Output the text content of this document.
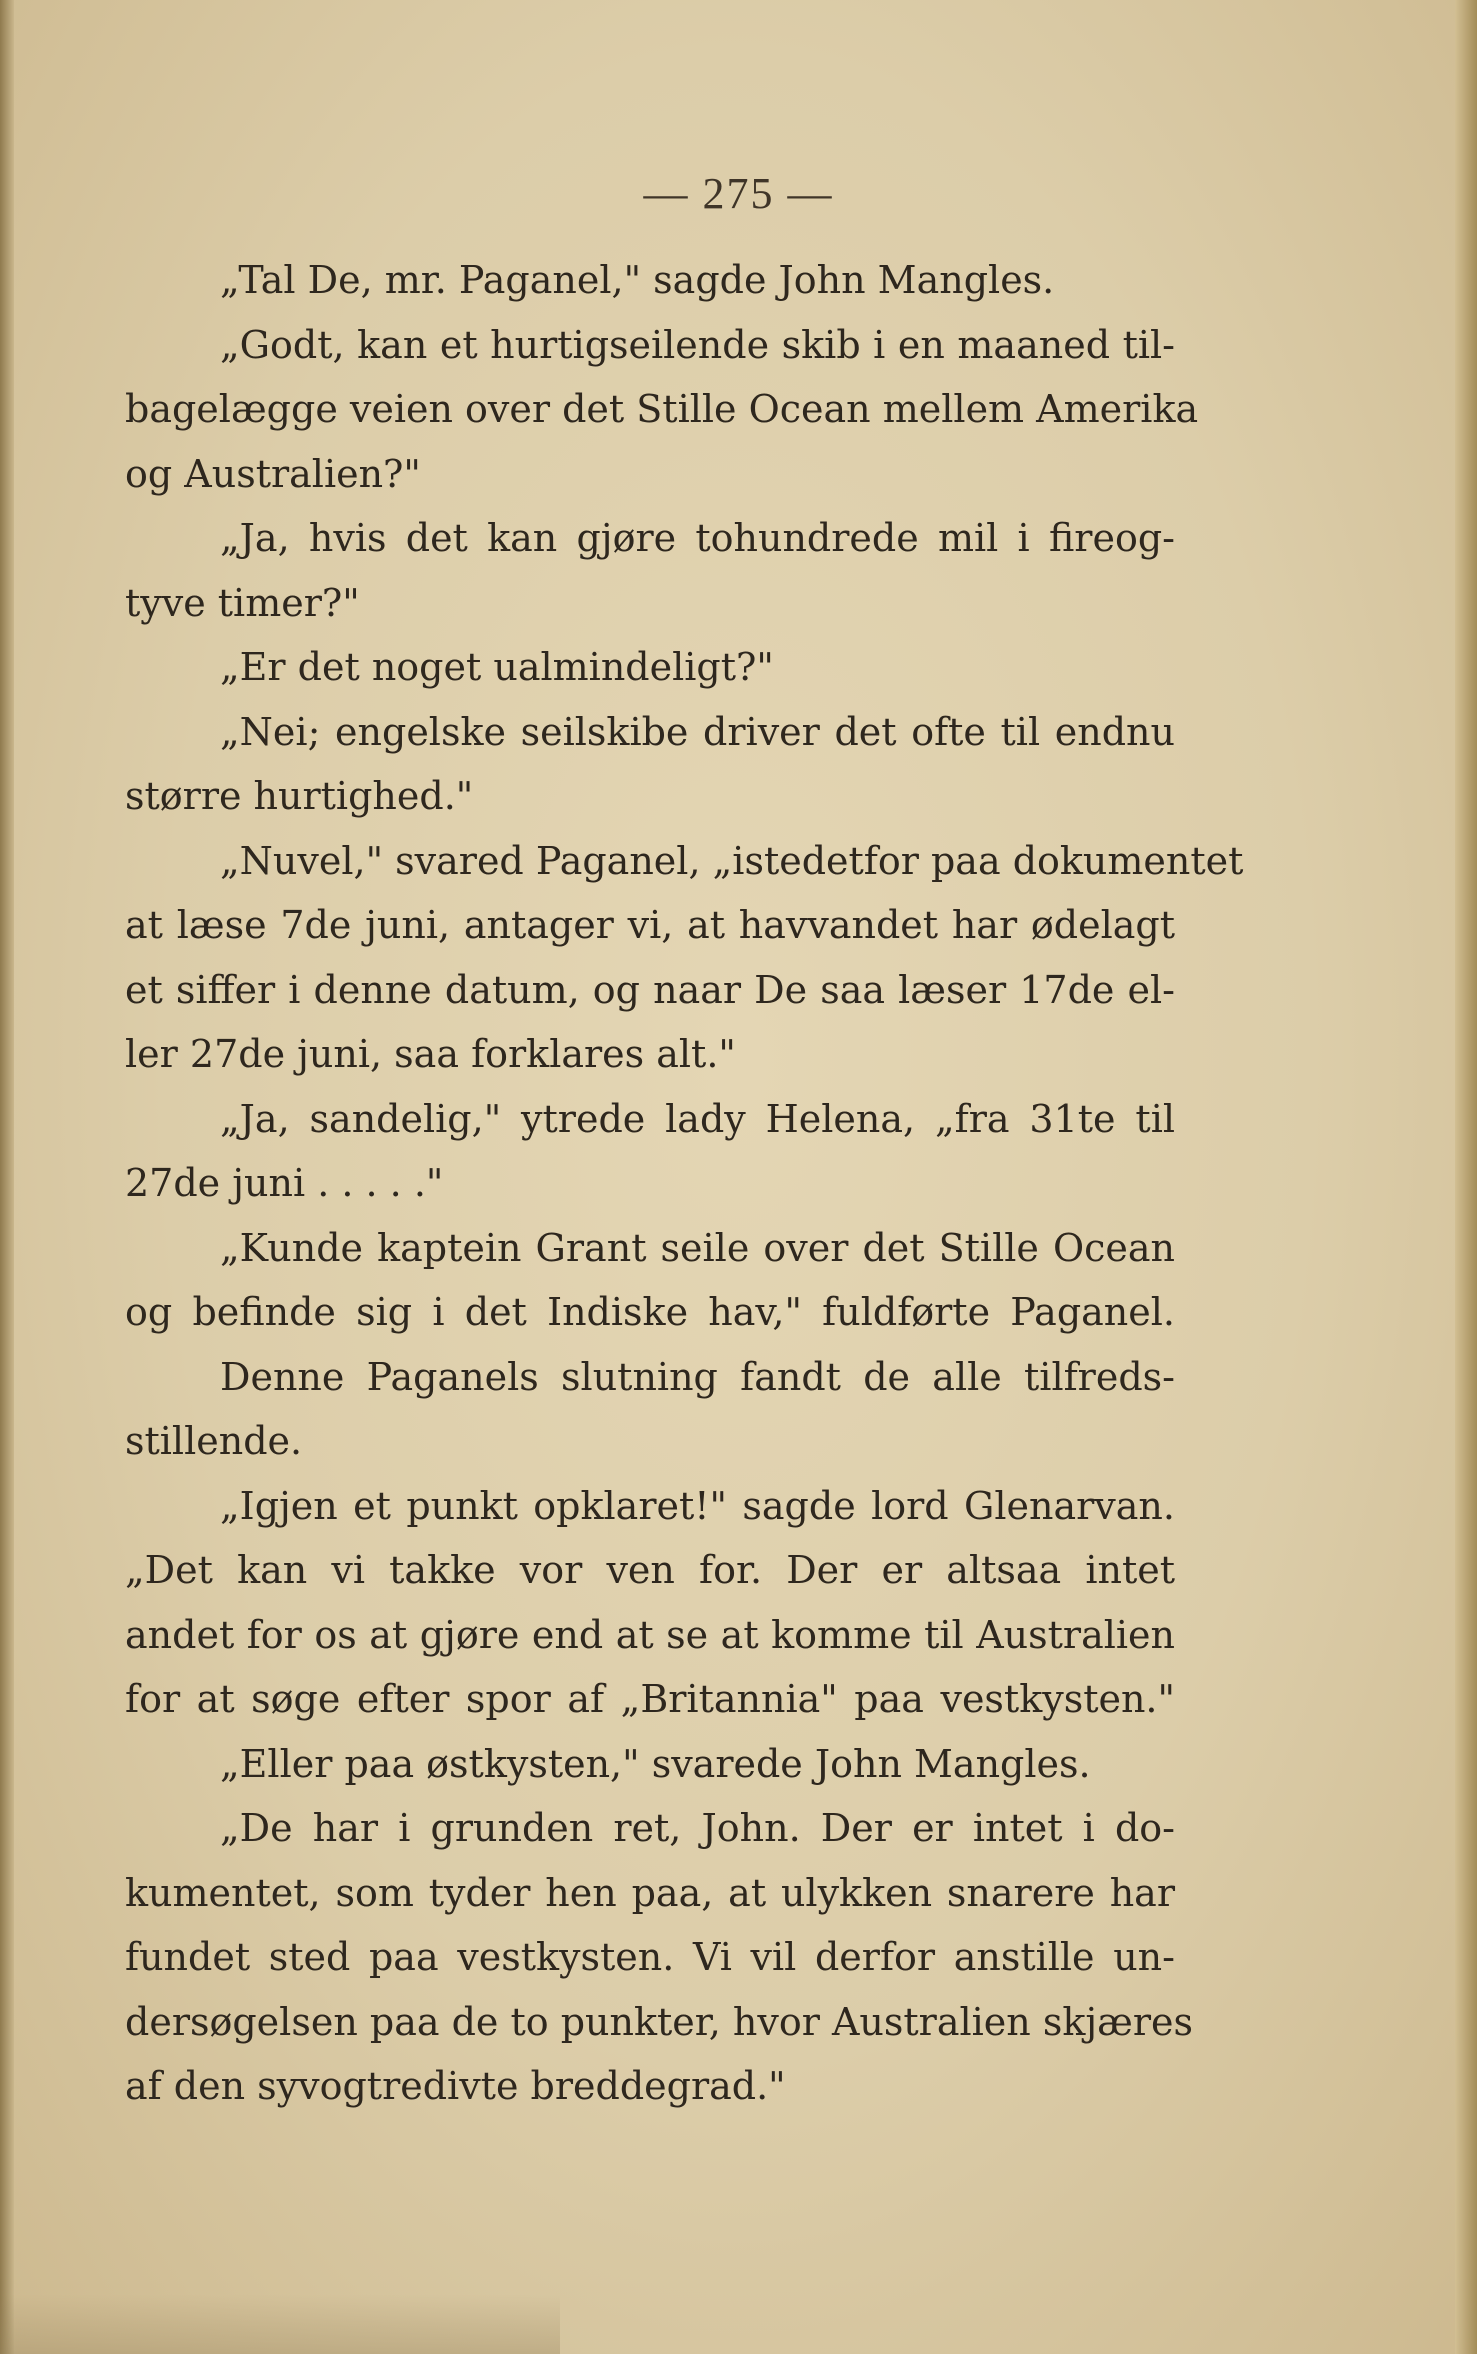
— 275 —
„Tal De, mr. Paganel," sagde John Mangles.
„Godt, kan et hurtigseilende skib i en maaned til-
bagelægge veien over det Stille Ocean mellem Amerika
og Australien?"
„Ja, hvis det kan gjøre tohundrede mil i fireog-
tyve timer?"
„Er det noget ualmindeligt?"
„Nei; engelske seilskibe driver det ofte til endnu
større hurtighed."
„Nuvel," svared Paganel, „istedetfor paa dokumentet
at læse 7de juni, antager vi, at havvandet har ødelagt
et siffer i denne datum, og naar De saa læser 17de el-
ler 27de juni, saa forklares alt."
„Ja, sandelig," ytrede lady Helena, „fra 31te til
27de juni . . . . ."
„Kunde kaptein Grant seile over det Stille Ocean
og befinde sig i det Indiske hav," fuldførte Paganel.
Denne Paganels slutning fandt de alle tilfreds-
stillende.
„Igjen et punkt opklaret!" sagde lord Glenarvan.
„Det kan vi takke vor ven for. Der er altsaa intet
andet for os at gjøre end at se at komme til Australien
for at søge efter spor af „Britannia" paa vestkysten."
„Eller paa østkysten," svarede John Mangles.
„De har i grunden ret, John. Der er intet i do-
kumentet, som tyder hen paa, at ulykken snarere har
fundet sted paa vestkysten. Vi vil derfor anstille un-
dersøgelsen paa de to punkter, hvor Australien skjæres
af den syvogtredivte breddegrad."
